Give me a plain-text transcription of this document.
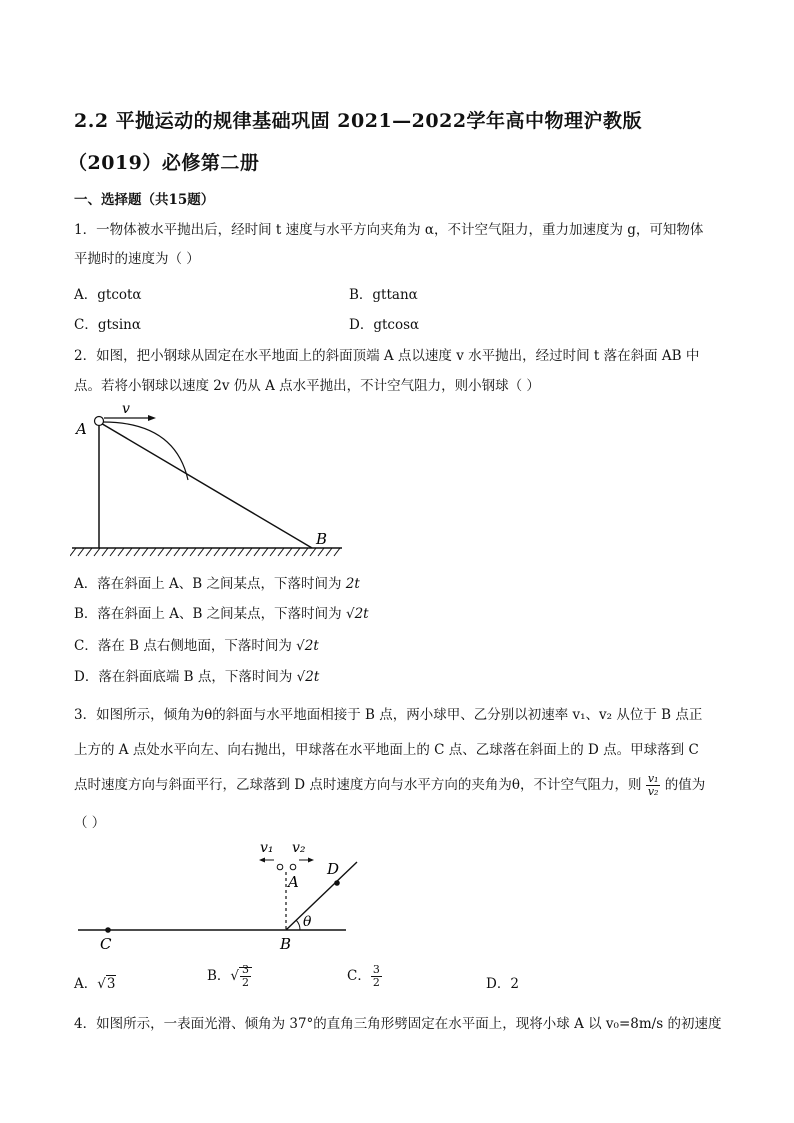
2.2 平抛运动的规律基础巩固 2021—2022学年高中物理沪教版
（2019）必修第二册
一、选择题（共15题）
1．一物体被水平抛出后，经时间 t 速度与水平方向夹角为 α，不计空气阻力，重力加速度为 g，可知物体
平抛时的速度为（ ）
A．gtcotα	B．gttanα
C．gtsinα	D．gtcosα
2．如图，把小钢球从固定在水平地面上的斜面顶端 A 点以速度 v 水平抛出，经过时间 t 落在斜面 AB 中
点。若将小钢球以速度 2v 仍从 A 点水平抛出，不计空气阻力，则小钢球（ ）
v
A
B
A．落在斜面上 A、B 之间某点，下落时间为 2t
B．落在斜面上 A、B 之间某点，下落时间为 √2t
C．落在 B 点右侧地面，下落时间为 √2t
D．落在斜面底端 B 点，下落时间为 √2t
3．如图所示，倾角为θ的斜面与水平地面相接于 B 点，两小球甲、乙分别以初速率 v₁、v₂ 从位于 B 点正
上方的 A 点处水平向左、向右抛出，甲球落在水平地面上的 C 点、乙球落在斜面上的 D 点。甲球落到 C
点时速度方向与斜面平行，乙球落到 D 点时速度方向与水平方向的夹角为θ，不计空气阻力，则 $\frac{\text{v₁}}{\text{v₂}}$ 的值为
（ ）
v₁ v₂
A
D
θ
C	B
A．√3	B．√ $\frac{3}{2}$	C． $\frac{3}{2}$	D．2
4．如图所示，一表面光滑、倾角为 37°的直角三角形劈固定在水平面上，现将小球 A 以 v₀=8m/s 的初速度
